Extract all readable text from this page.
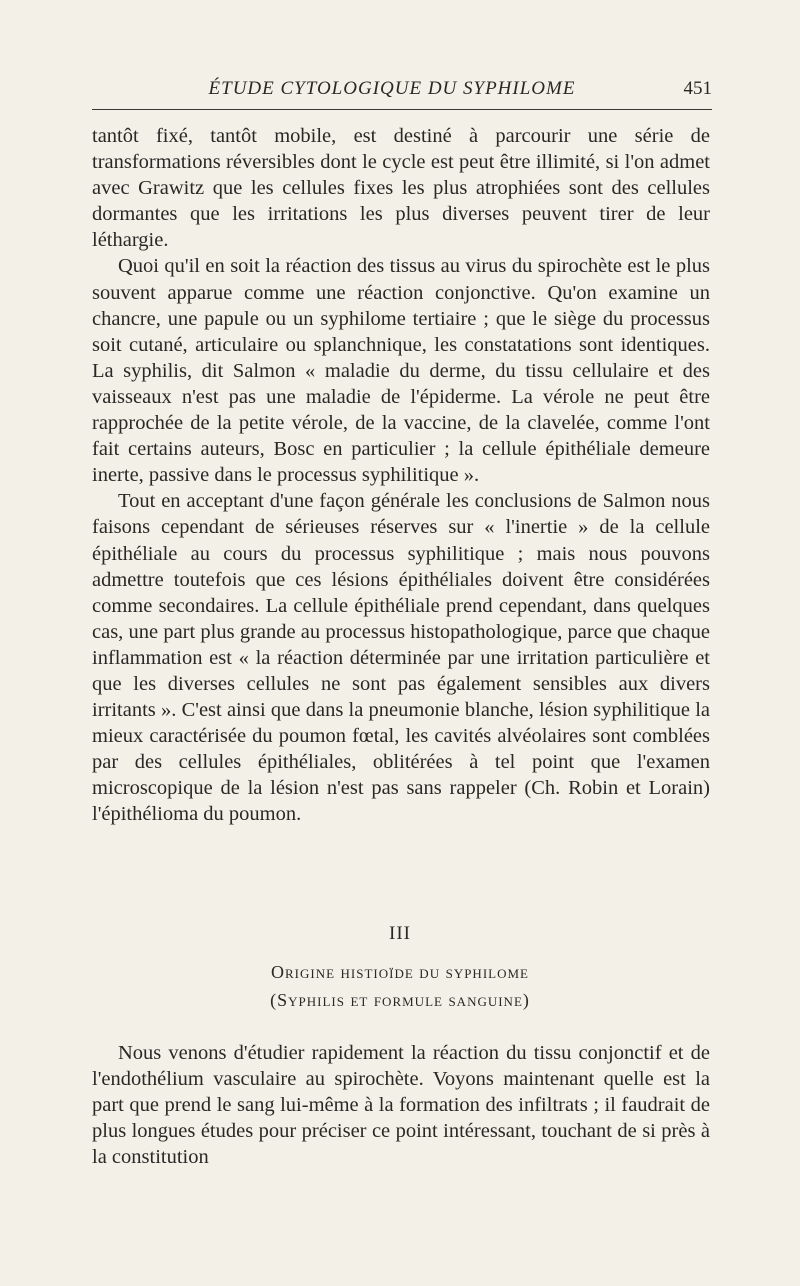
ÉTUDE CYTOLOGIQUE DU SYPHILOME	451

tantôt fixé, tantôt mobile, est destiné à parcourir une série de transformations réversibles dont le cycle est peut être illimité, si l'on admet avec Grawitz que les cellules fixes les plus atrophiées sont des cellules dormantes que les irritations les plus diverses peuvent tirer de leur léthargie.

Quoi qu'il en soit la réaction des tissus au virus du spirochète est le plus souvent apparue comme une réaction conjonctive. Qu'on examine un chancre, une papule ou un syphilome tertiaire ; que le siège du processus soit cutané, articulaire ou splanchnique, les constatations sont identiques. La syphilis, dit Salmon « maladie du derme, du tissu cellulaire et des vaisseaux n'est pas une maladie de l'épiderme. La vérole ne peut être rapprochée de la petite vérole, de la vaccine, de la clavelée, comme l'ont fait certains auteurs, Bosc en particulier ; la cellule épithéliale demeure inerte, passive dans le processus syphilitique ».

Tout en acceptant d'une façon générale les conclusions de Salmon nous faisons cependant de sérieuses réserves sur « l'inertie » de la cellule épithéliale au cours du processus syphilitique ; mais nous pouvons admettre toutefois que ces lésions épithéliales doivent être considérées comme secondaires. La cellule épithéliale prend cependant, dans quelques cas, une part plus grande au processus histopathologique, parce que chaque inflammation est « la réaction déterminée par une irritation particulière et que les diverses cellules ne sont pas également sensibles aux divers irritants ». C'est ainsi que dans la pneumonie blanche, lésion syphilitique la mieux caractérisée du poumon fœtal, les cavités alvéolaires sont comblées par des cellules épithéliales, oblitérées à tel point que l'examen microscopique de la lésion n'est pas sans rappeler (Ch. Robin et Lorain) l'épithélioma du poumon.

III
Origine histioïde du syphilome
(Syphilis et formule sanguine)

Nous venons d'étudier rapidement la réaction du tissu conjonctif et de l'endothélium vasculaire au spirochète. Voyons maintenant quelle est la part que prend le sang lui-même à la formation des infiltrats ; il faudrait de plus longues études pour préciser ce point intéressant, touchant de si près à la constitution
